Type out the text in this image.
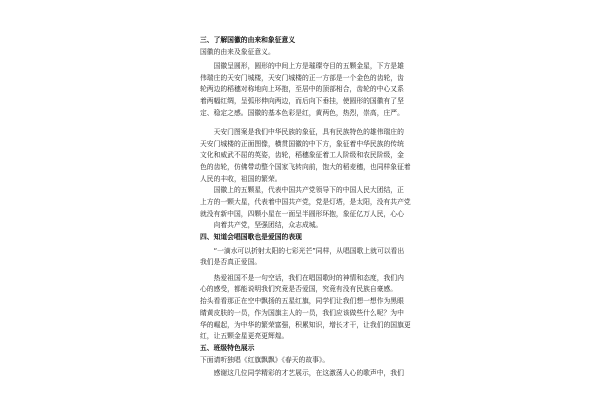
三、了解国徽的由来和象征意义
国徽的由来及象征意义。
国徽呈圆形，圆形的中间上方是璀璨夺目的五颗金星，下方是雄
伟瑞庄的天安门城楼，天安门城楼的正一方部是一个金色的齿轮，齿
轮两边的稻穗对称地向上环抱，至居中的顶部相合，齿轮的中心又系
着两幅红绸，呈弧形伸向两边，而后向下垂挂，使圆形的国徽有了坚
定、稳定之感。国徽的基本色彩是红，黄两色，热烈，崇高，庄严。
天安门图案是我们中华民族的象征，具有民族特色的雄伟瑞庄的
天安门城楼的正面图像，横贯国徽的中下方，象征着中华民族的传统
文化和威武不屈的英姿，齿轮，稻穗象征着工人阶级和农民阶级，金
色的齿轮，仿佛带动整个国家飞转向前，饱大的稻麦穗，也同样象征着
人民的丰收，祖国的繁荣。
国徽上的五颗星，代表中国共产党领导下的中国人民大团结，正
上方的一颗大星，代表着中国共产党，党是灯塔，是太阳，没有共产党
就没有新中国，四颗小星在一面呈半圆形环抱，象征亿万人民，心心
向着共产党，坚强团结，众志成城。
四、知道会唱国歌也是爱国的表现
“一滴水可以折射太阳的七彩光芒”同样，从唱国歌上就可以看出
我们是否真正爱国。
热爱祖国不是一句空话，我们在唱国歌时的神情和态度，我们内
心的感受，都能说明我们究竟是否爱国，究竟有没有民族自豪感。
抬头看看那正在空中飘扬的五星红旗，同学们让我们想一想作为黑眼
睛黄皮肤的一员，作为国旗主人的一员，我们应该做些什么呢？为中
华的崛起，为中华的繁荣富强，积累知识，增长才干，让我们的国旗更
红，让五颗金星更亮更辉煌。
五、班级特色展示
下面请听独唱《红旗飘飘》《春天的故事》。
感谢这几位同学精彩的才艺展示，在这激荡人心的歌声中，我们
